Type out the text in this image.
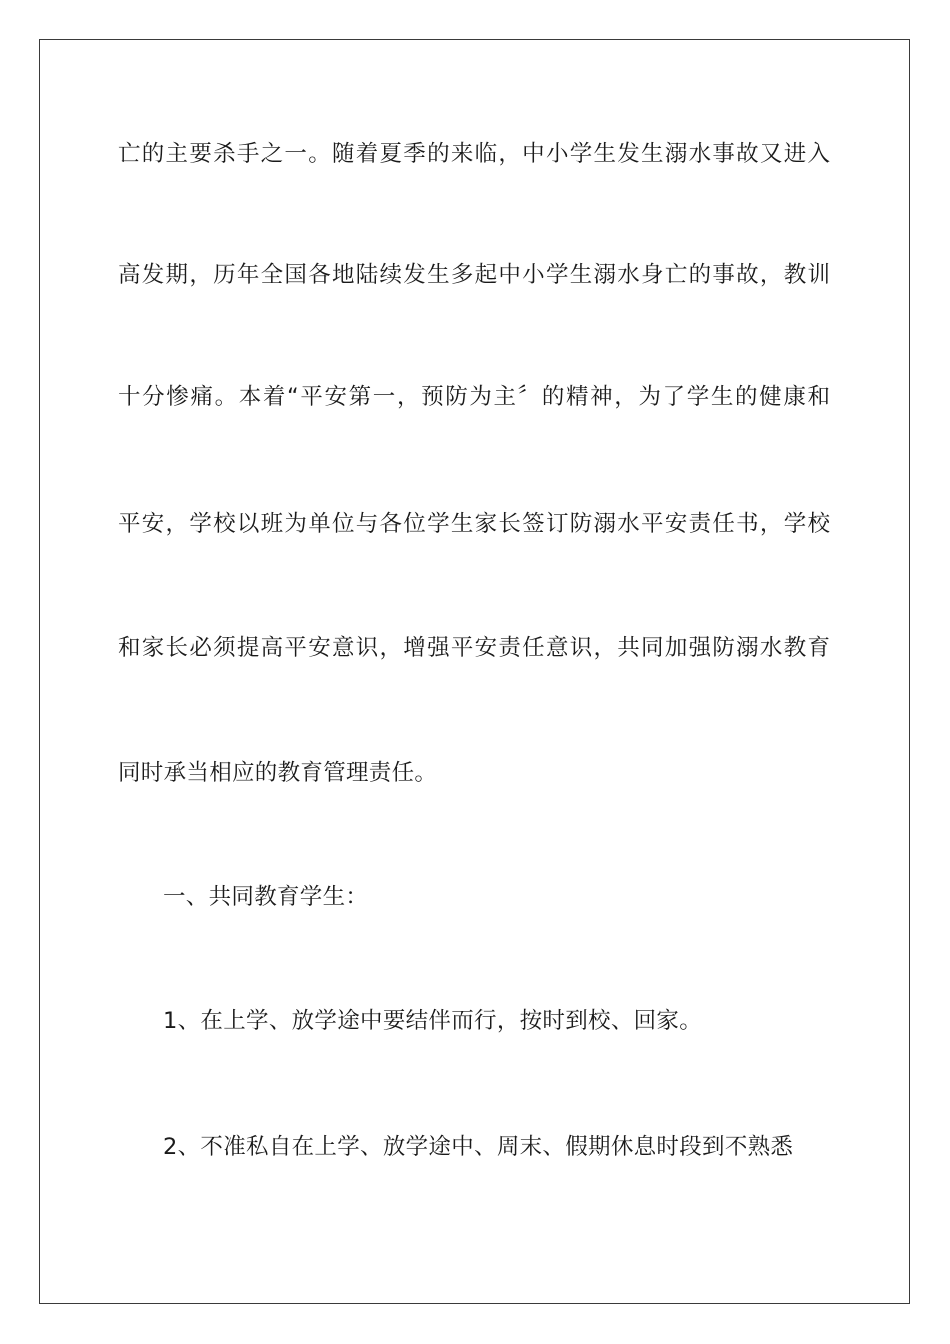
亡的主要杀手之一。随着夏季的来临，中小学生发生溺水事故又进入
高发期，历年全国各地陆续发生多起中小学生溺水身亡的事故，教训
十分惨痛。本着“平安第一，预防为主〞的精神，为了学生的健康和
平安，学校以班为单位与各位学生家长签订防溺水平安责任书，学校
和家长必须提高平安意识，增强平安责任意识，共同加强防溺水教育
同时承当相应的教育管理责任。
一、共同教育学生：
1、在上学、放学途中要结伴而行，按时到校、回家。
2、不准私自在上学、放学途中、周末、假期休息时段到不熟悉
